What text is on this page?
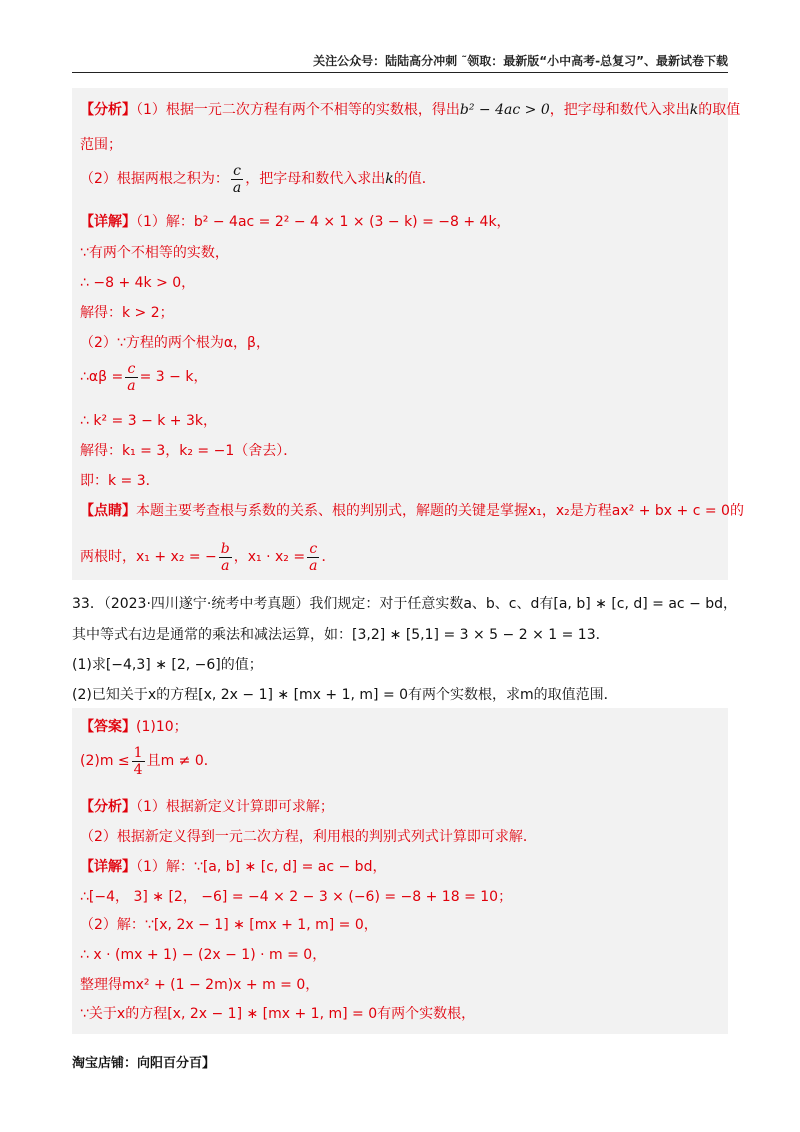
关注公众号：陆陆高分冲刺 ˜领取：最新版“小中高考-总复习”、最新试卷下载
【分析】（1）根据一元二次方程有两个不相等的实数根，得出b² − 4ac > 0，把字母和数代入求出k的取值
范围；
（2）根据两根之积为： $\frac{c}{a}$ ，把字母和数代入求出k的值．
【详解】（1）解：b² − 4ac = 2² − 4 × 1 × (3 − k) = −8 + 4k，
∵有两个不相等的实数，
∴ −8 + 4k > 0，
解得：k > 2；
（2）∵方程的两个根为α，β，
∴αβ = $\frac{c}{a} = 3 - k$，
∴ k² = 3 − k + 3k，
解得：k₁ = 3，k₂ = −1（舍去）．
即：k = 3．
【点睛】本题主要考查根与系数的关系、根的判别式，解题的关键是掌握x₁，x₂是方程ax² + bx + c = 0的
两根时，x₁ + x₂ = − $\frac{b}{a}$ ，$x_1 \cdot x_2 = \frac{c}{a}$ ．
33．（2023·四川遂宁·统考中考真题）我们规定：对于任意实数a、b、c、d有[a, b] ∗ [c, d] = ac − bd，
其中等式右边是通常的乘法和减法运算，如：[3,2] ∗ [5,1] = 3 × 5 − 2 × 1 = 13．
(1)求[−4,3] ∗ [2, −6]的值；
(2)已知关于x的方程[x, 2x − 1] ∗ [mx + 1, m] = 0有两个实数根，求m的取值范围．
【答案】(1)10；
$(2)m \le \frac{1}{4}$ 且m ≠ 0．
【分析】（1）根据新定义计算即可求解；
（2）根据新定义得到一元二次方程，利用根的判别式列式计算即可求解．
【详解】（1）解：∵[a, b] ∗ [c, d] = ac − bd，
∴[−4， 3] ∗ [2， −6] = −4 × 2 − 3 × (−6) = −8 + 18 = 10；
（2）解：∵[x, 2x − 1] ∗ [mx + 1, m] = 0，
∴ x · (mx + 1) − (2x − 1) · m = 0，
整理得mx² + (1 − 2m)x + m = 0，
∵关于x的方程[x, 2x − 1] ∗ [mx + 1, m] = 0有两个实数根，
淘宝店铺：向阳百分百】
